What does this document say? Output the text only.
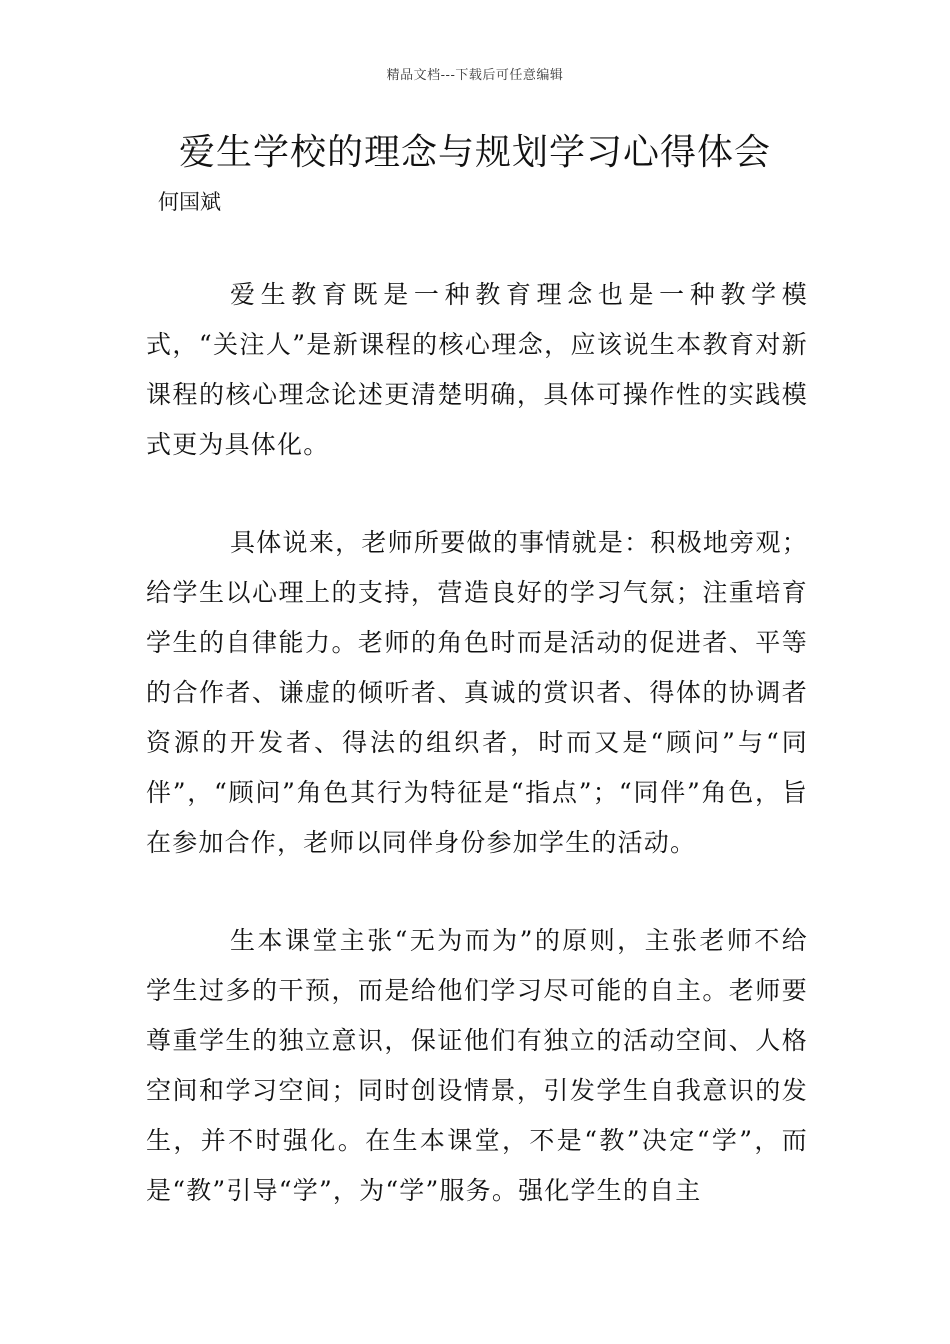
精品文档---下载后可任意编辑
爱生学校的理念与规划学习心得体会
何国斌

爱生教育既是一种教育理念也是一种教学模式，“关注人”是新课程的核心理念，应该说生本教育对新课程的核心理念论述更清楚明确，具体可操作性的实践模式更为具体化。

具体说来，老师所要做的事情就是：积极地旁观；给学生以心理上的支持，营造良好的学习气氛；注重培育学生的自律能力。老师的角色时而是活动的促进者、平等的合作者、谦虚的倾听者、真诚的赏识者、得体的协调者资源的开发者、得法的组织者，时而又是“顾问”与“同伴”，“顾问”角色其行为特征是“指点”；“同伴”角色，旨在参加合作，老师以同伴身份参加学生的活动。

生本课堂主张“无为而为”的原则，主张老师不给学生过多的干预，而是给他们学习尽可能的自主。老师要尊重学生的独立意识，保证他们有独立的活动空间、人格空间和学习空间；同时创设情景，引发学生自我意识的发生，并不时强化。在生本课堂，不是“教”决定“学”，而是“教”引导“学”，为“学”服务。强化学生的自主
